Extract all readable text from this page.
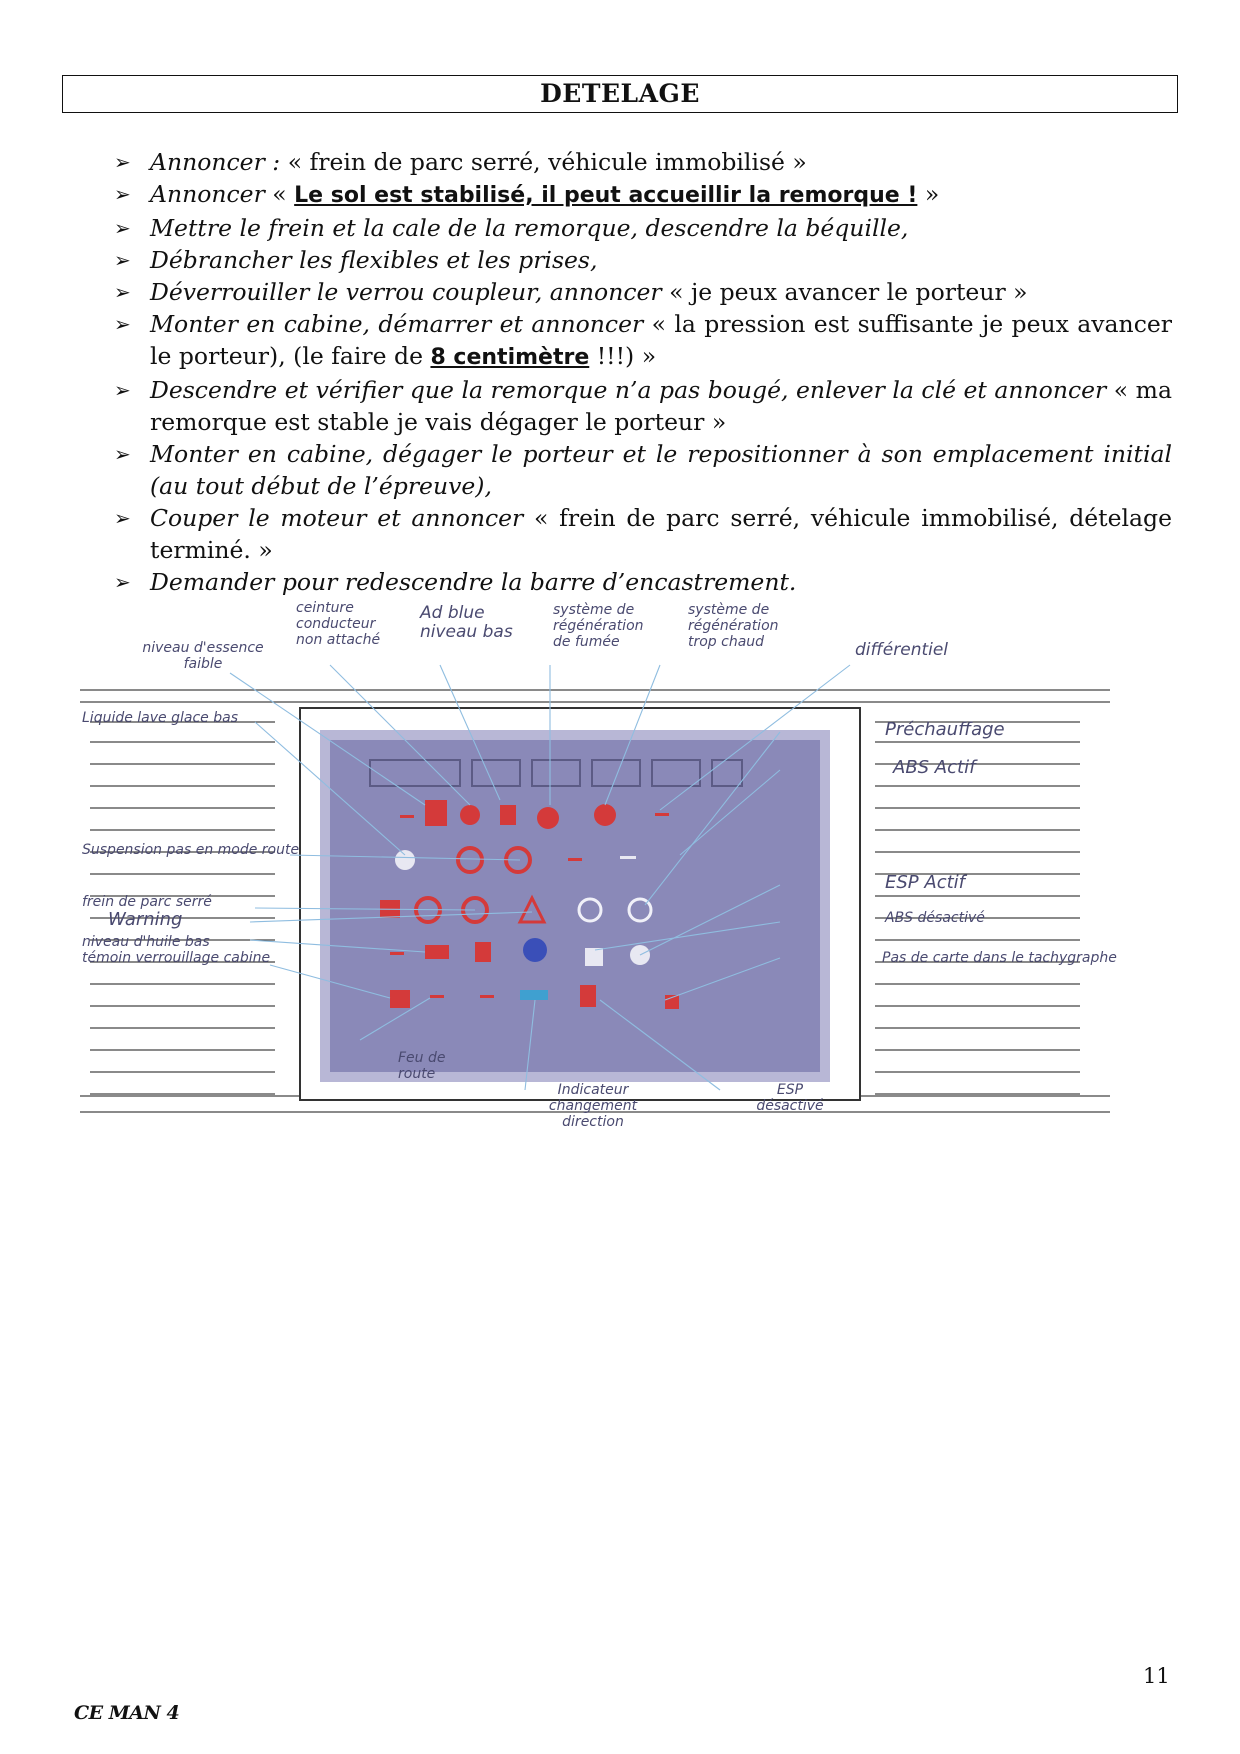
DETELAGE
➢ Annoncer : « frein de parc serré, véhicule immobilisé »
➢ Annoncer « Le sol est stabilisé, il peut accueillir la remorque ! »
➢ Mettre le frein et la cale de la remorque, descendre la béquille,
➢ Débrancher les flexibles et les prises,
➢ Déverrouiller le verrou coupleur, annoncer « je peux avancer le porteur »
➢ Monter en cabine, démarrer et annoncer « la pression est suffisante je peux avancer le porteur), (le faire de 8 centimètre !!!) »
➢ Descendre et vérifier que la remorque n’a pas bougé, enlever la clé et annoncer « ma remorque est stable je vais dégager le porteur »
➢ Monter en cabine, dégager le porteur et le repositionner à son emplacement initial (au tout début de l’épreuve),
➢ Couper le moteur et annoncer « frein de parc serré, véhicule immobilisé, dételage terminé. »
➢ Demander pour redescendre la barre d’encastrement.
niveau d'essence faible
ceinture conducteur non attaché
Ad blue niveau bas
système de régénération de fumée
système de régénération trop chaud	différentiel
Liquide lave glace bas
Suspension pas en mode route
frein de parc serré
Warning
niveau d'huile bas
témoin verrouillage cabine
Préchauffage
ABS Actif
ESP Actif
ABS désactivé
Pas de carte dans le tachygraphe
Feu de route
Indicateur changement direction
ESP désactivé
11
CE MAN 4
